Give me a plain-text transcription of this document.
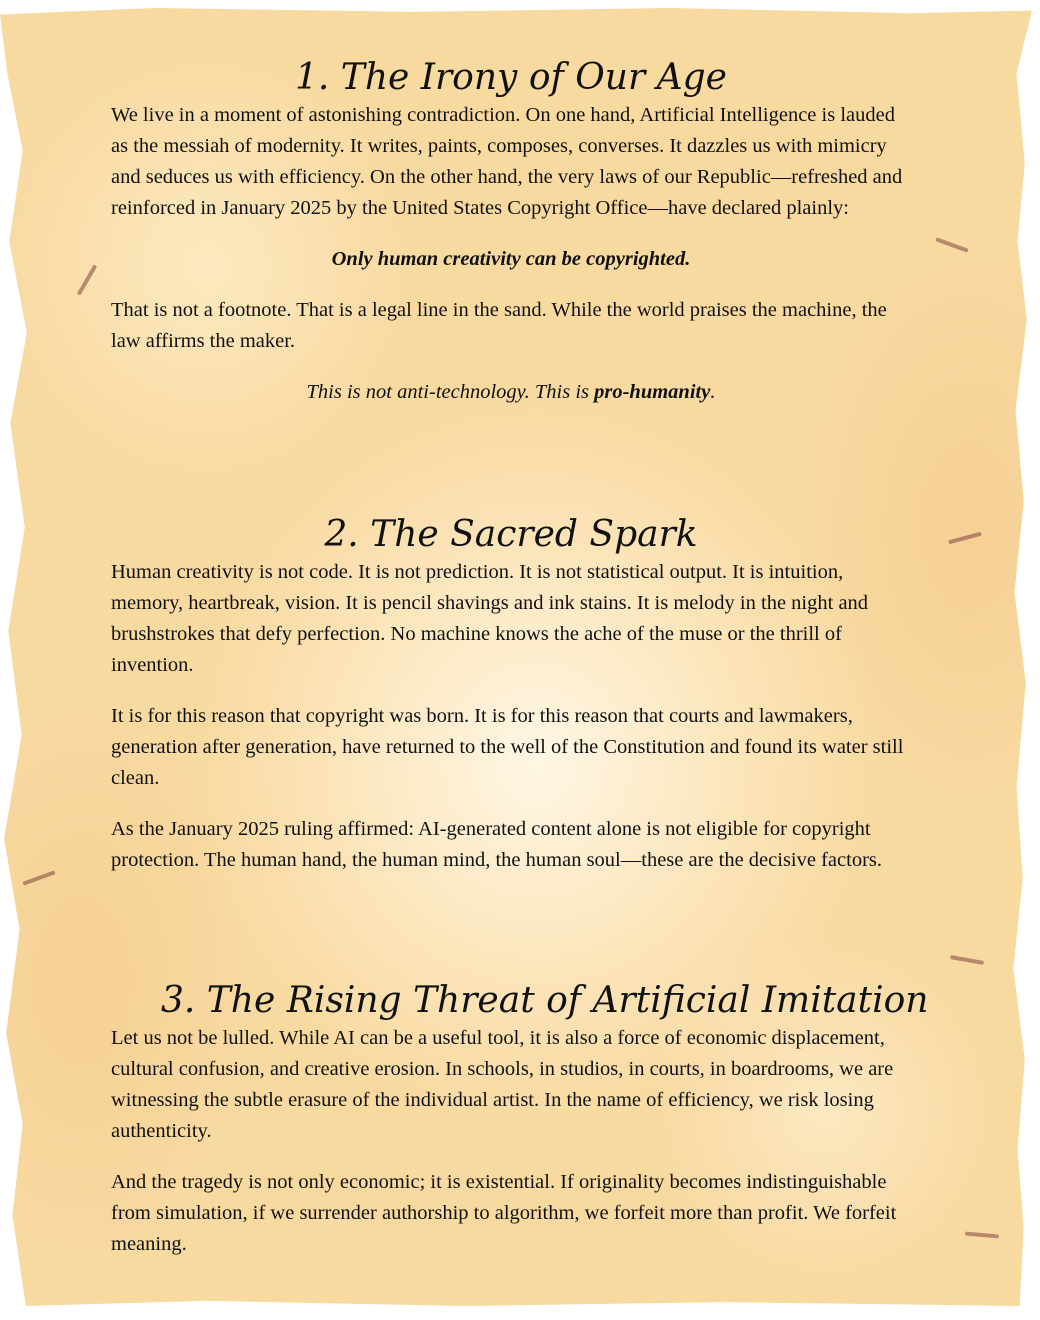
1. The Irony of Our Age

We live in a moment of astonishing contradiction. On one hand, Artificial Intelligence is lauded as the messiah of modernity. It writes, paints, composes, converses. It dazzles us with mimicry and seduces us with efficiency. On the other hand, the very laws of our Republic—refreshed and reinforced in January 2025 by the United States Copyright Office—have declared plainly:

Only human creativity can be copyrighted.

That is not a footnote. That is a legal line in the sand. While the world praises the machine, the law affirms the maker.

This is not anti-technology. This is pro-humanity.

2. The Sacred Spark

Human creativity is not code. It is not prediction. It is not statistical output. It is intuition, memory, heartbreak, vision. It is pencil shavings and ink stains. It is melody in the night and brushstrokes that defy perfection. No machine knows the ache of the muse or the thrill of invention.

It is for this reason that copyright was born. It is for this reason that courts and lawmakers, generation after generation, have returned to the well of the Constitution and found its water still clean.

As the January 2025 ruling affirmed: AI-generated content alone is not eligible for copyright protection. The human hand, the human mind, the human soul—these are the decisive factors.

3. The Rising Threat of Artificial Imitation

Let us not be lulled. While AI can be a useful tool, it is also a force of economic displacement, cultural confusion, and creative erosion. In schools, in studios, in courts, in boardrooms, we are witnessing the subtle erasure of the individual artist. In the name of efficiency, we risk losing authenticity.

And the tragedy is not only economic; it is existential. If originality becomes indistinguishable from simulation, if we surrender authorship to algorithm, we forfeit more than profit. We forfeit meaning.
